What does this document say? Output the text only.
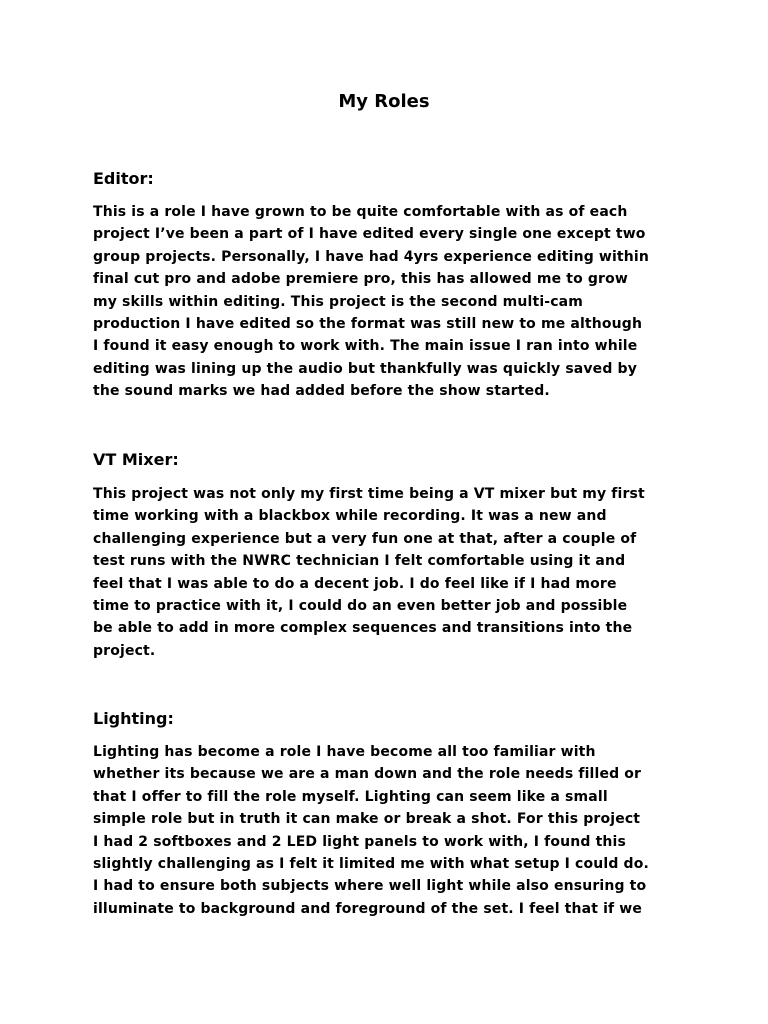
My Roles
Editor:

This is a role I have grown to be quite comfortable with as of each
project I’ve been a part of I have edited every single one except two
group projects. Personally, I have had 4yrs experience editing within
final cut pro and adobe premiere pro, this has allowed me to grow
my skills within editing. This project is the second multi-cam
production I have edited so the format was still new to me although
I found it easy enough to work with. The main issue I ran into while
editing was lining up the audio but thankfully was quickly saved by
the sound marks we had added before the show started.

VT Mixer:

This project was not only my first time being a VT mixer but my first
time working with a blackbox while recording. It was a new and
challenging experience but a very fun one at that, after a couple of
test runs with the NWRC technician I felt comfortable using it and
feel that I was able to do a decent job. I do feel like if I had more
time to practice with it, I could do an even better job and possible
be able to add in more complex sequences and transitions into the
project.

Lighting:

Lighting has become a role I have become all too familiar with
whether its because we are a man down and the role needs filled or
that I offer to fill the role myself. Lighting can seem like a small
simple role but in truth it can make or break a shot. For this project
I had 2 softboxes and 2 LED light panels to work with, I found this
slightly challenging as I felt it limited me with what setup I could do.
I had to ensure both subjects where well light while also ensuring to
illuminate to background and foreground of the set. I feel that if we
